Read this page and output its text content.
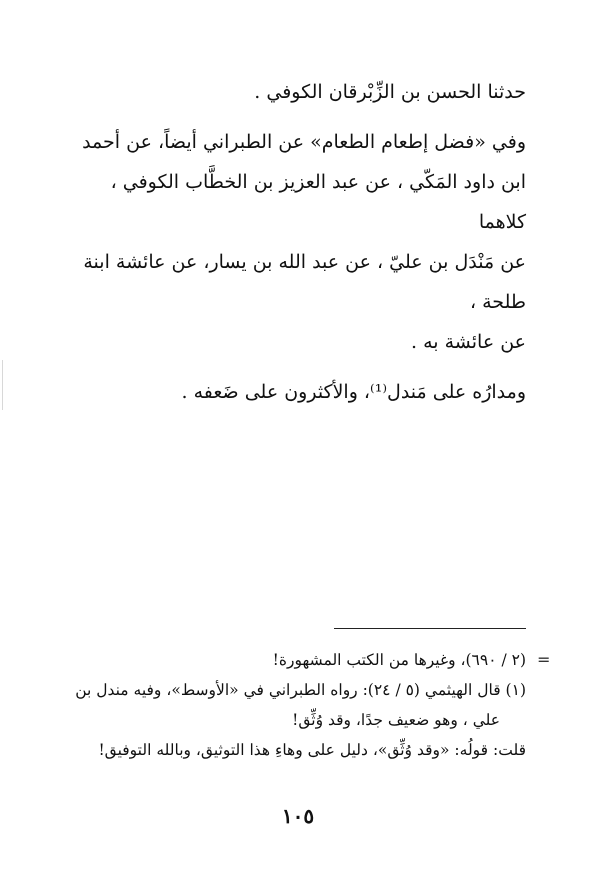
حدثنا الحسن بن الزِّبْرقان الكوفي .

وفي «فضل إطعام الطعام» عن الطبراني أيضاً، عن أحمد

ابن داود المَكّي ، عن عبد العزيز بن الخطَّاب الكوفي ، كلاهما

عن مَنْدَل بن عليّ ، عن عبد الله بن يسار، عن عائشة ابنة طلحة ،

عن عائشة به .

ومدارُه على مَندل⁽¹⁾، والأكثرون على ضَعفه .

=

(٢ / ٦٩٠)، وغيرها من الكتب المشهورة!

(١) قال الهيثمي (٥ / ٢٤): رواه الطبراني في «الأوسط»، وفيه مندل بن

علي ، وهو ضعيف جدًا، وقد وُثِّق!

قلت: قولُه: «وقد وُثِّق»، دليل على وهاءِ هذا التوثيق، وبالله التوفيق!

١٠٥
